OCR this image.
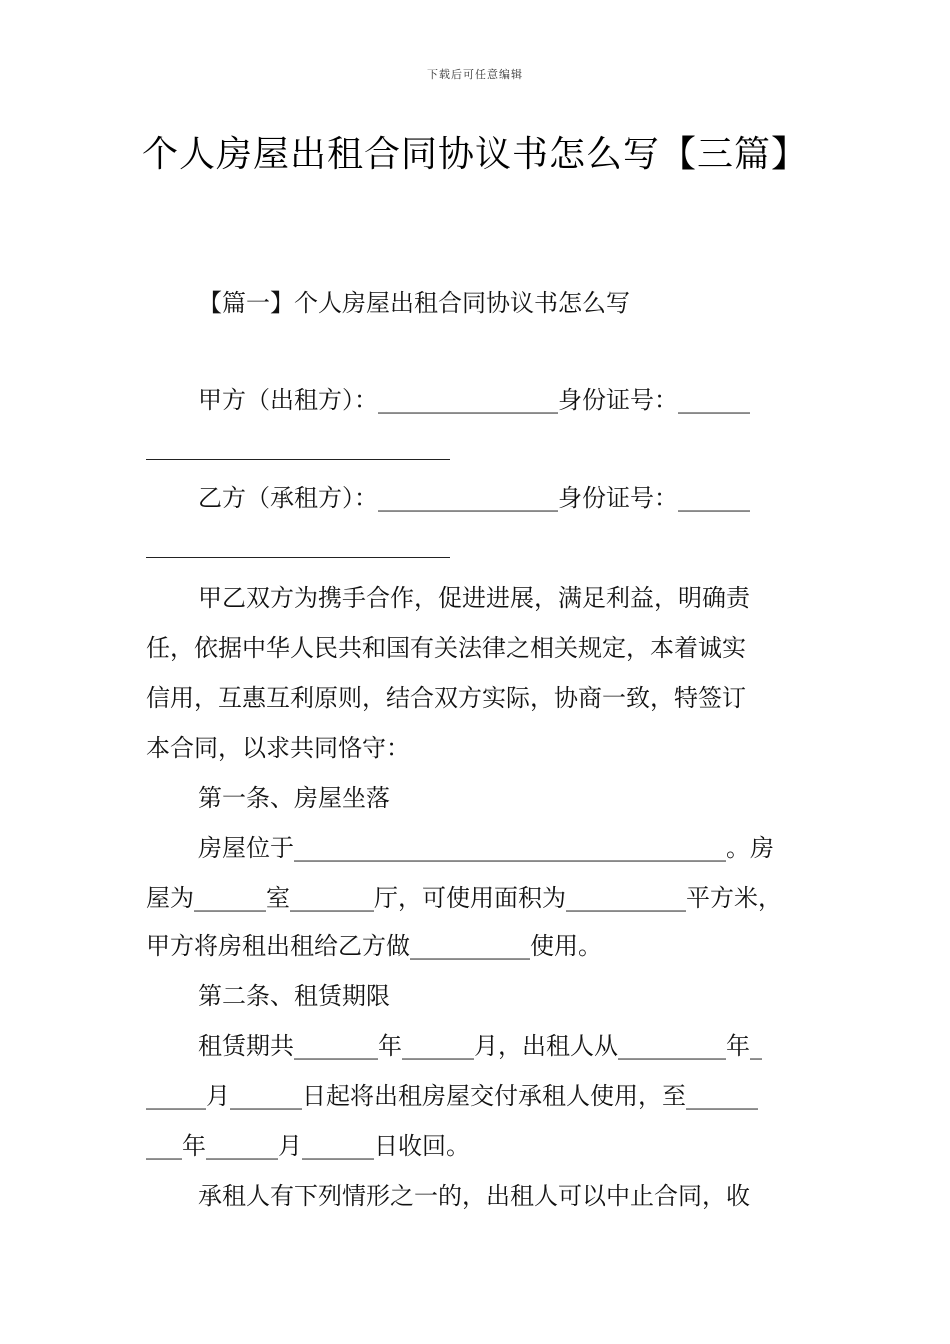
下载后可任意编辑
个人房屋出租合同协议书怎么写【三篇】
【篇一】个人房屋出租合同协议书怎么写
甲方（出租方）：_______________身份证号：______
乙方（承租方）：_______________身份证号：______
甲乙双方为携手合作，促进进展，满足利益，明确责
任，依据中华人民共和国有关法律之相关规定，本着诚实
信用，互惠互利原则，结合双方实际，协商一致，特签订
本合同，以求共同恪守：
第一条、房屋坐落
房屋位于____________________________________。房
屋为______室_______厅，可使用面积为__________平方米，
甲方将房租出租给乙方做__________使用。
第二条、租赁期限
租赁期共_______年______月，出租人从_________年_
_____月______日起将出租房屋交付承租人使用，至______
___年______月______日收回。
承租人有下列情形之一的，出租人可以中止合同，收
